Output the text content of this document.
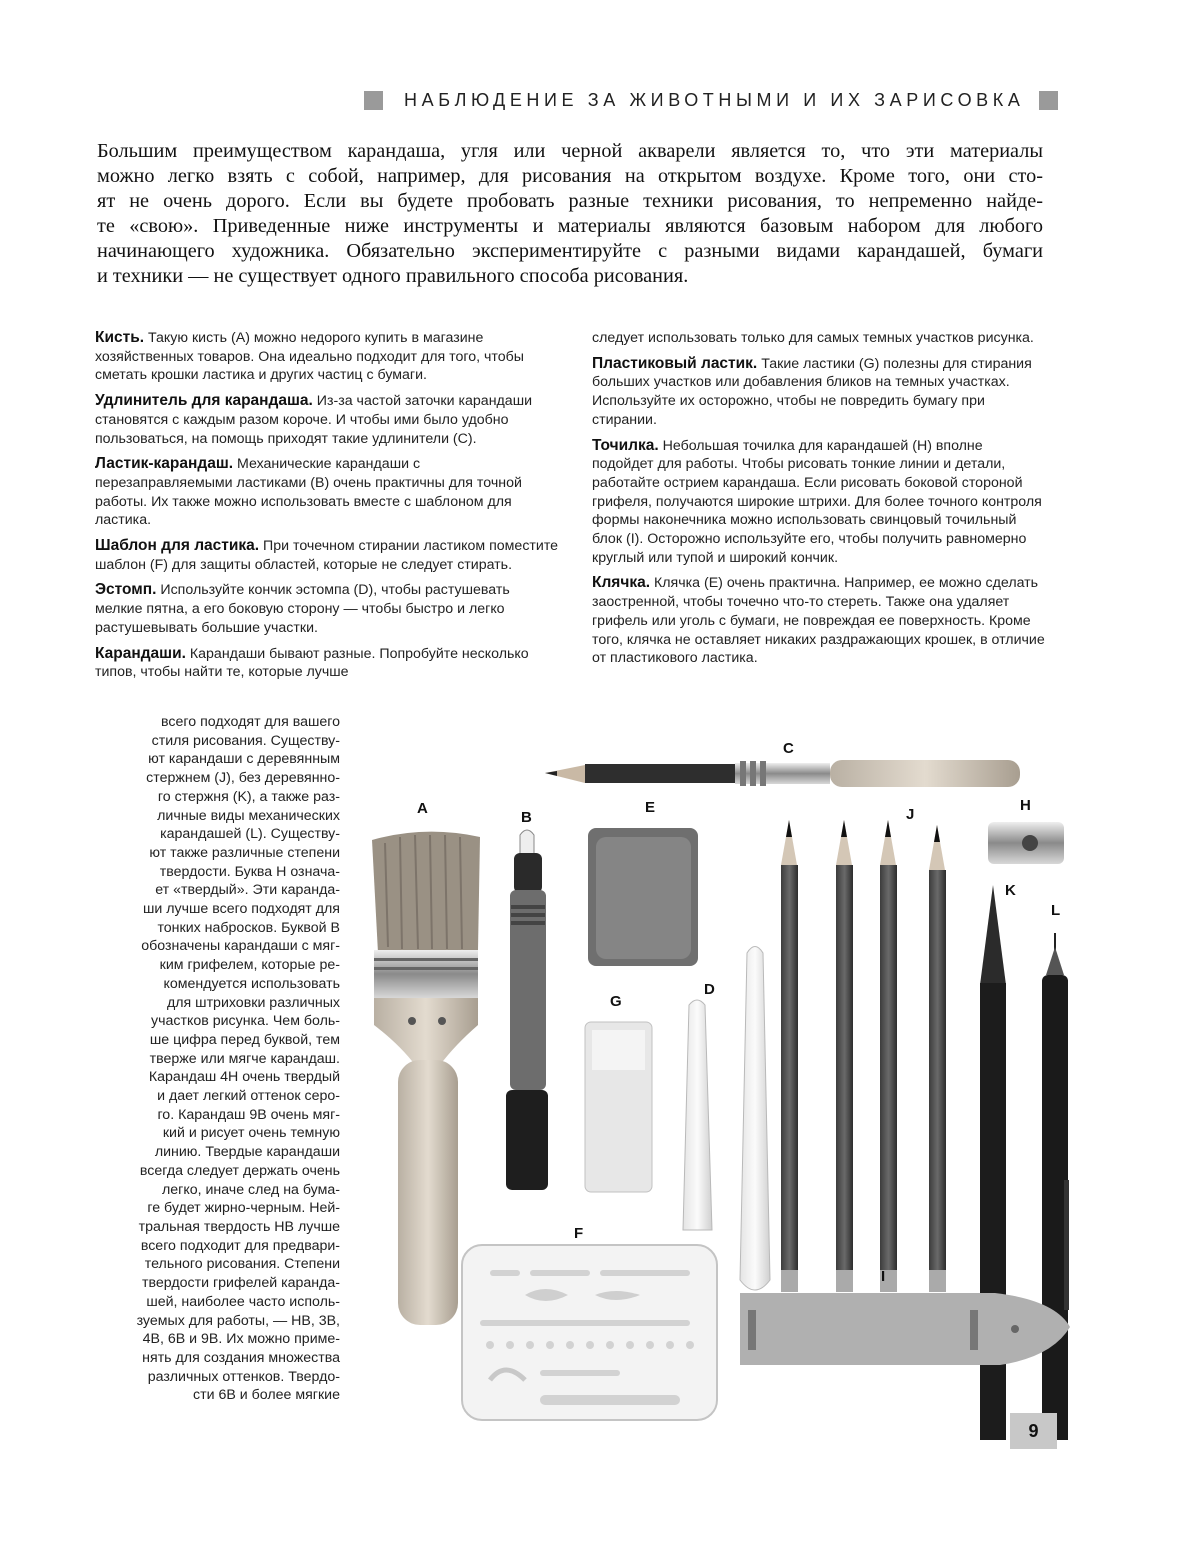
НАБЛЮДЕНИЕ ЗА ЖИВОТНЫМИ И ИХ ЗАРИСОВКА
Большим преимуществом карандаша, угля или черной акварели является то, что эти материалы
можно легко взять с собой, например, для рисования на открытом воздухе. Кроме того, они сто-
ят не очень дорого. Если вы будете пробовать разные техники рисования, то непременно найде-
те «свою». Приведенные ниже инструменты и материалы являются базовым набором для любого
начинающего художника. Обязательно экспериментируйте с разными видами карандашей, бумаги
и техники — не существует одного правильного способа рисования.

Кисть. Такую кисть (A) можно недорого купить в магазине хозяйственных товаров. Она идеально подходит для того, чтобы сметать крошки ластика и других частиц с бумаги.

Удлинитель для карандаша. Из-за частой заточки карандаши становятся с каждым разом короче. И чтобы ими было удобно пользоваться, на помощь приходят такие удлинители (C).

Ластик-карандаш. Механические карандаши с перезаправляемыми ластиками (B) очень практичны для точной работы. Их также можно использовать вместе с шаблоном для ластика.

Шаблон для ластика. При точечном стирании ластиком поместите шаблон (F) для защиты областей, которые не следует стирать.

Эстомп. Используйте кончик эстомпа (D), чтобы растушевать мелкие пятна, а его боковую сторону — чтобы быстро и легко растушевывать большие участки.

Карандаши. Карандаши бывают разные. Попробуйте несколько типов, чтобы найти те, которые лучше

всего подходят для вашего
стиля рисования. Существу-
ют карандаши с деревянным
стержнем (J), без деревянно-
го стержня (K), а также раз-
личные виды механических
карандашей (L). Существу-
ют также различные степени
твердости. Буква H означа-
ет «твердый». Эти каранда-
ши лучше всего подходят для
тонких набросков. Буквой B
обозначены карандаши с мяг-
ким грифелем, которые ре-
комендуется использовать
для штриховки различных
участков рисунка. Чем боль-
ше цифра перед буквой, тем
тверже или мягче карандаш.
Карандаш 4H очень твердый
и дает легкий оттенок серо-
го. Карандаш 9B очень мяг-
кий и рисует очень темную
линию. Твердые карандаши
всегда следует держать очень
легко, иначе след на бума-
ге будет жирно-черным. Ней-
тральная твердость HB лучше
всего подходит для предвари-
тельного рисования. Степени
твердости грифелей каранда-
шей, наиболее часто исполь-
зуемых для работы, — HB, 3B,
4B, 6B и 9B. Их можно приме-
нять для создания множества
различных оттенков. Твердо-
сти 6B и более мягкие

следует использовать только для самых темных участков рисунка.

Пластиковый ластик. Такие ластики (G) полезны для стирания больших участков или добавления бликов на темных участках. Используйте их осторожно, чтобы не повредить бумагу при стирании.

Точилка. Небольшая точилка для карандашей (H) вполне подойдет для работы. Чтобы рисовать тонкие линии и детали, работайте острием карандаша. Если рисовать боковой стороной грифеля, получаются широкие штрихи. Для более точного контроля формы наконечника можно использовать свинцовый точильный блок (I). Осторожно используйте его, чтобы получить равномерно круглый или тупой и широкий кончик.

Клячка. Клячка (E) очень практична. Например, ее можно сделать заостренной, чтобы точечно что-то стереть. Также она удаляет грифель или уголь с бумаги, не повреждая ее поверхность. Кроме того, клячка не оставляет никаких раздражающих крошек, в отличие от пластикового ластика.

A
B
C
D
E
F
G
H
I
J
K
L
9
